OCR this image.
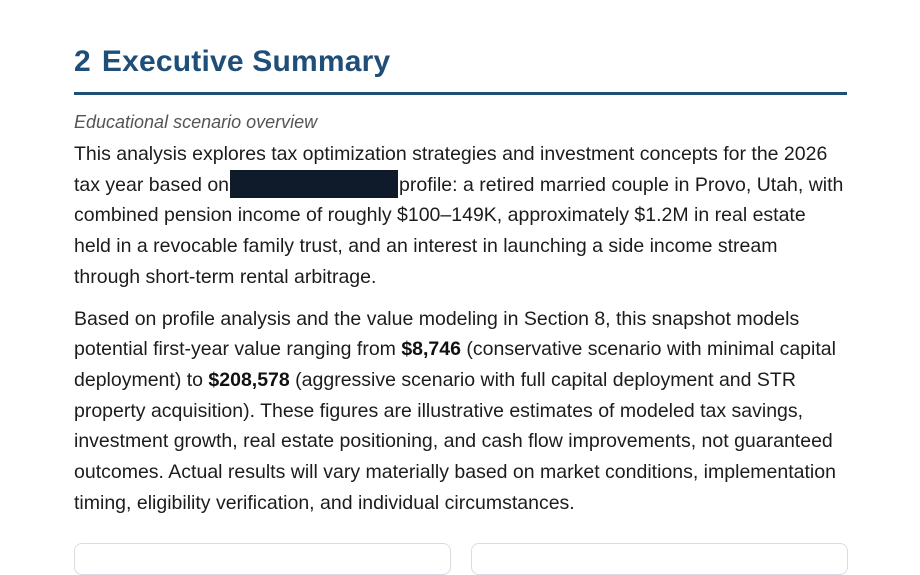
2 Executive Summary
Educational scenario overview

This analysis explores tax optimization strategies and investment concepts for the 2026 tax year based on	profile: a retired married couple in Provo, Utah, with combined pension income of roughly $100–149K, approximately $1.2M in real estate held in a revocable family trust, and an interest in launching a side income stream through short-term rental arbitrage.

Based on profile analysis and the value modeling in Section 8, this snapshot models potential first-year value ranging from $8,746 (conservative scenario with minimal capital deployment) to $208,578 (aggressive scenario with full capital deployment and STR property acquisition). These figures are illustrative estimates of modeled tax savings, investment growth, real estate positioning, and cash flow improvements, not guaranteed outcomes. Actual results will vary materially based on market conditions, implementation timing, eligibility verification, and individual circumstances.
